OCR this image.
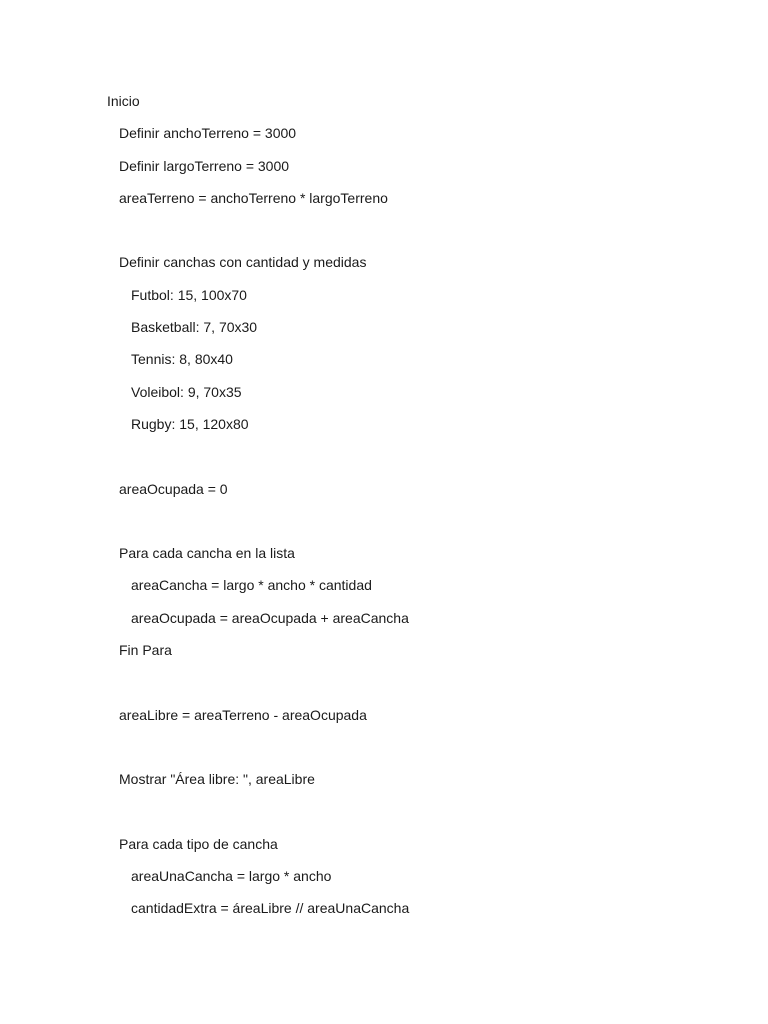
Inicio
Definir anchoTerreno = 3000
Definir largoTerreno = 3000
areaTerreno = anchoTerreno * largoTerreno
Definir canchas con cantidad y medidas
Futbol: 15, 100x70
Basketball: 7, 70x30
Tennis: 8, 80x40
Voleibol: 9, 70x35
Rugby: 15, 120x80
areaOcupada = 0
Para cada cancha en la lista
areaCancha = largo * ancho * cantidad
areaOcupada = areaOcupada + areaCancha
Fin Para
areaLibre = areaTerreno - areaOcupada
Mostrar "Área libre: ", areaLibre
Para cada tipo de cancha
areaUnaCancha = largo * ancho
cantidadExtra = áreaLibre // areaUnaCancha
